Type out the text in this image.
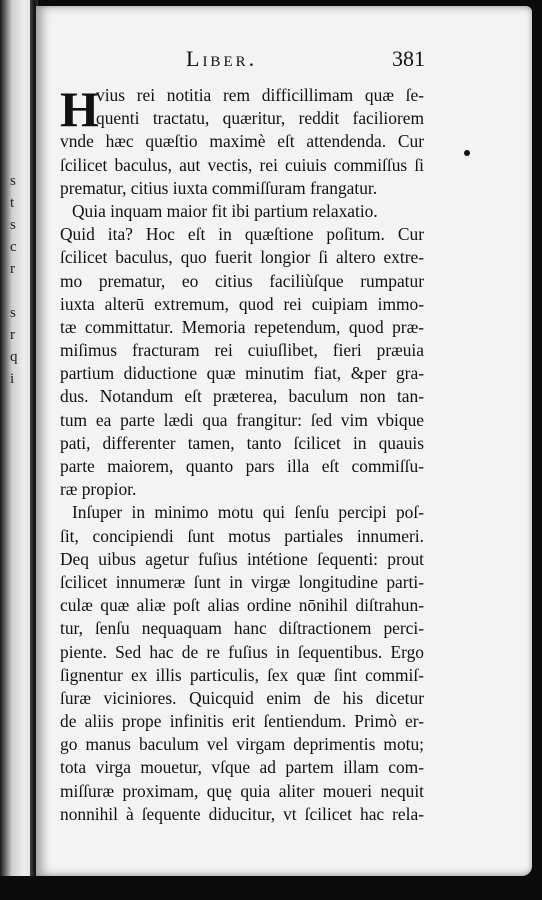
s
t
s
c
r

s
r
q
i
Liber.	381
H
vius rei notitia rem difficillimam quæ ſe-
quenti tractatu, quæritur, reddit faciliorem
vnde hæc quæſtio maximè eſt attendenda. Cur
ſcilicet baculus, aut vectis, rei cuiuis commiſſus ſi
prematur, citius iuxta commiſſuram frangatur.
Quia inquam maior fit ibi partium relaxatio.
Quid ita? Hoc eſt in quæſtione poſitum. Cur
ſcilicet baculus, quo fuerit longior ſi altero extre-
mo prematur, eo citius faciliùſque rumpatur
iuxta alterū extremum, quod rei cuipiam immo-
tæ committatur. Memoria repetendum, quod præ-
miſimus fracturam rei cuiuſlibet, fieri præuia
partium diductione quæ minutim fiat, &per gra-
dus. Notandum eſt præterea, baculum non tan-
tum ea parte lædi qua frangitur: ſed vim vbique
pati, differenter tamen, tanto ſcilicet in quauis
parte maiorem, quanto pars illa eſt commiſſu-
ræ propior.
Inſuper in minimo motu qui ſenſu percipi poſ-
ſit, concipiendi ſunt motus partiales innumeri.
Deq uibus agetur fuſius intétione ſequenti: prout
ſcilicet innumeræ ſunt in virgæ longitudine parti-
culæ quæ aliæ poſt alias ordine nōnihil diſtrahun-
tur, ſenſu nequaquam hanc diſtractionem perci-
piente. Sed hac de re fuſius in ſequentibus. Ergo
ſignentur ex illis particulis, ſex quæ ſint commiſ-
ſuræ viciniores. Quicquid enim de his dicetur
de aliis prope infinitis erit ſentiendum. Primò er-
go manus baculum vel virgam deprimentis motu;
tota virga mouetur, vſque ad partem illam com-
miſſuræ proximam, quę quia aliter moueri nequit
nonnihil à ſequente diducitur, vt ſcilicet hac rela-
